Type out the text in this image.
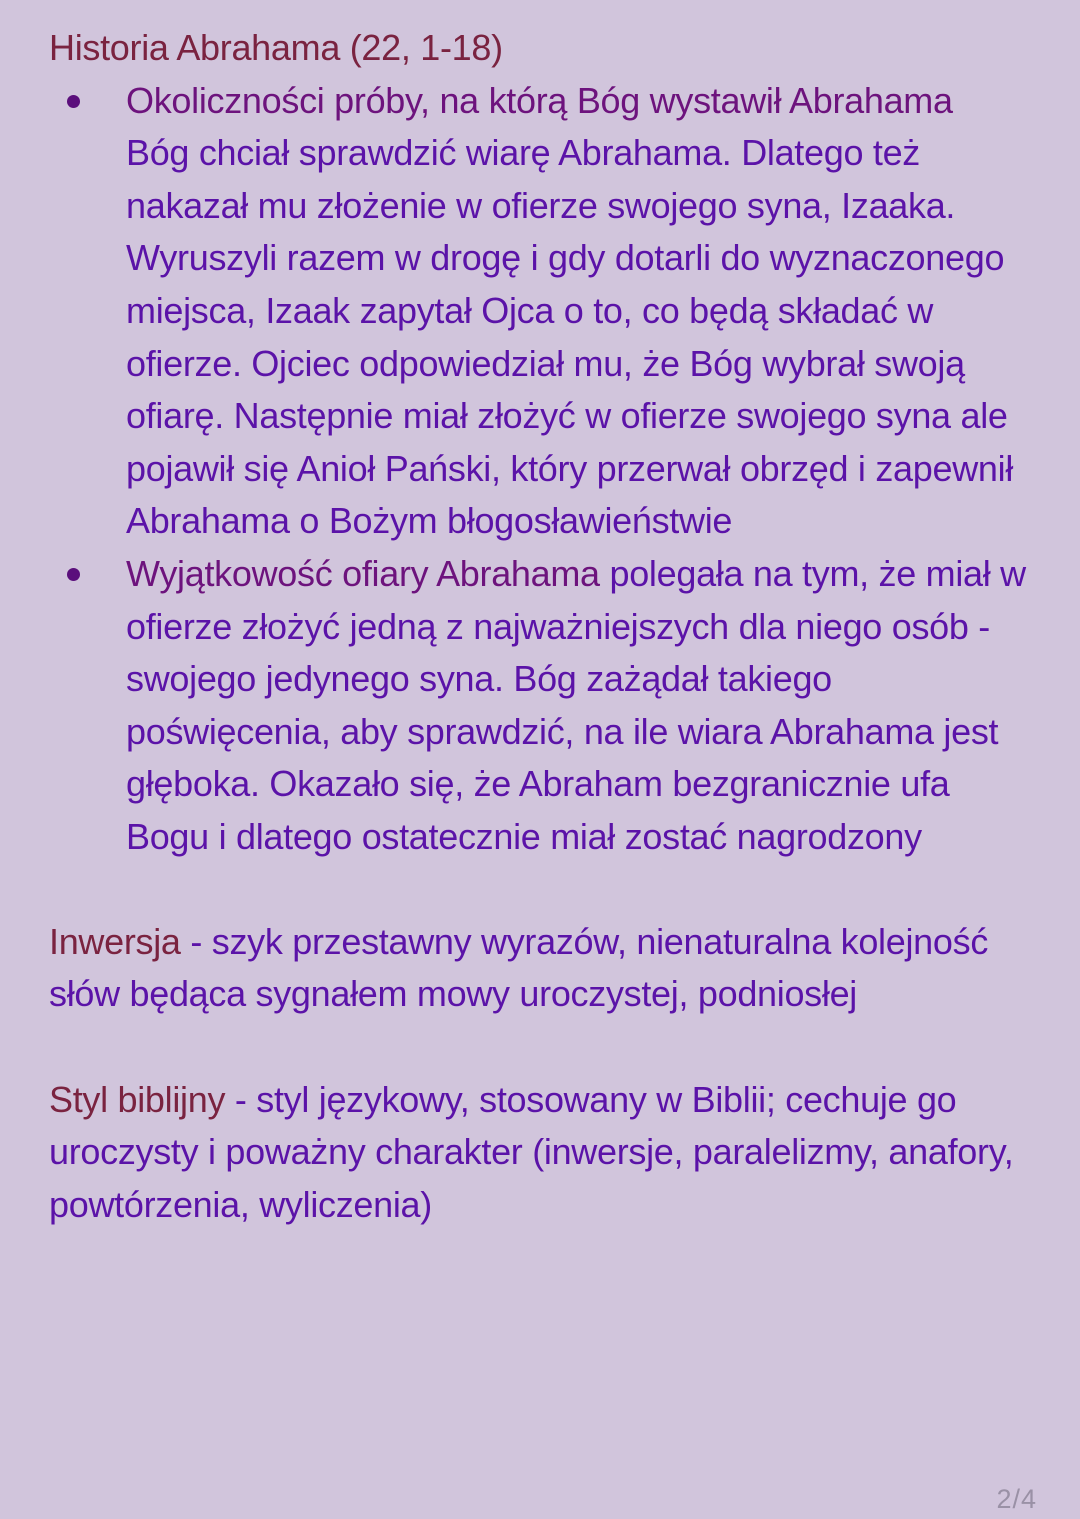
Historia Abrahama (22, 1-18)
Okoliczności próby, na którą Bóg wystawił Abrahama
Bóg chciał sprawdzić wiarę Abrahama. Dlatego też nakazał mu złożenie w ofierze swojego syna, Izaaka. Wyruszyli razem w drogę i gdy dotarli do wyznaczonego miejsca, Izaak zapytał Ojca o to, co będą składać w ofierze. Ojciec odpowiedział mu, że Bóg wybrał swoją ofiarę. Następnie miał złożyć w ofierze swojego syna ale pojawił się Anioł Pański, który przerwał obrzęd i zapewnił Abrahama o Bożym błogosławieństwie
Wyjątkowość ofiary Abrahama polegała na tym, że miał w ofierze złożyć jedną z najważniejszych dla niego osób - swojego jedynego syna. Bóg zażądał takiego poświęcenia, aby sprawdzić, na ile wiara Abrahama jest głęboka. Okazało się, że Abraham bezgranicznie ufa Bogu i dlatego ostatecznie miał zostać nagrodzony

Inwersja - szyk przestawny wyrazów, nienaturalna kolejność słów będąca sygnałem mowy uroczystej, podniosłej

Styl biblijny - styl językowy, stosowany w Biblii; cechuje go uroczysty i poważny charakter (inwersje, paralelizmy, anafory, powtórzenia, wyliczenia)

2/4
